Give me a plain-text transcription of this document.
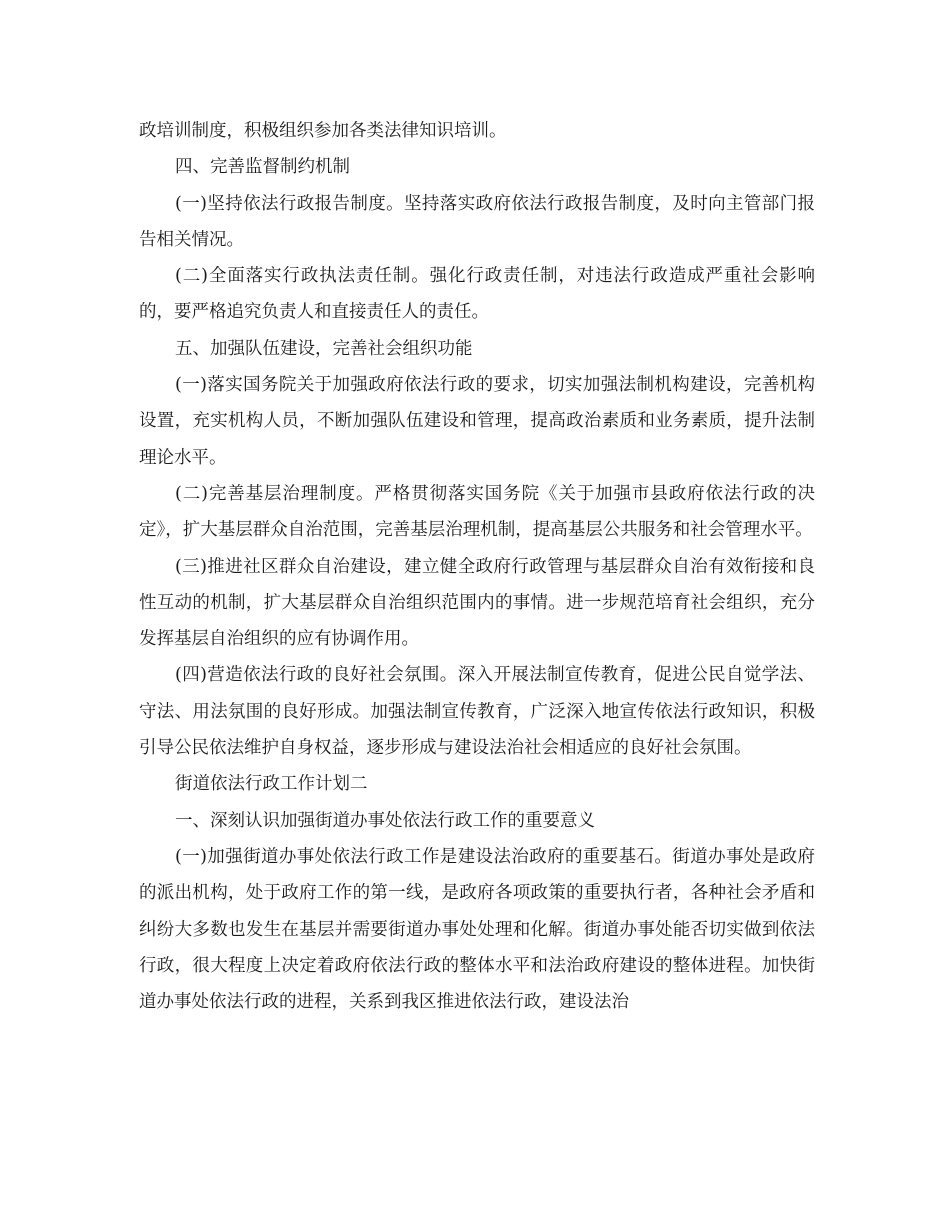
政培训制度，积极组织参加各类法律知识培训。

四、完善监督制约机制

(一)坚持依法行政报告制度。坚持落实政府依法行政报告制度，及时向主管部门报告相关情况。

(二)全面落实行政执法责任制。强化行政责任制，对违法行政造成严重社会影响的，要严格追究负责人和直接责任人的责任。

五、加强队伍建设，完善社会组织功能

(一)落实国务院关于加强政府依法行政的要求，切实加强法制机构建设，完善机构设置，充实机构人员，不断加强队伍建设和管理，提高政治素质和业务素质，提升法制理论水平。

(二)完善基层治理制度。严格贯彻落实国务院《关于加强市县政府依法行政的决定》，扩大基层群众自治范围，完善基层治理机制，提高基层公共服务和社会管理水平。

(三)推进社区群众自治建设，建立健全政府行政管理与基层群众自治有效衔接和良性互动的机制，扩大基层群众自治组织范围内的事情。进一步规范培育社会组织，充分发挥基层自治组织的应有协调作用。

(四)营造依法行政的良好社会氛围。深入开展法制宣传教育，促进公民自觉学法、守法、用法氛围的良好形成。加强法制宣传教育，广泛深入地宣传依法行政知识，积极引导公民依法维护自身权益，逐步形成与建设法治社会相适应的良好社会氛围。

街道依法行政工作计划二

一、深刻认识加强街道办事处依法行政工作的重要意义

(一)加强街道办事处依法行政工作是建设法治政府的重要基石。街道办事处是政府的派出机构，处于政府工作的第一线，是政府各项政策的重要执行者，各种社会矛盾和纠纷大多数也发生在基层并需要街道办事处处理和化解。街道办事处能否切实做到依法行政，很大程度上决定着政府依法行政的整体水平和法治政府建设的整体进程。加快街道办事处依法行政的进程，关系到我区推进依法行政，建设法治
